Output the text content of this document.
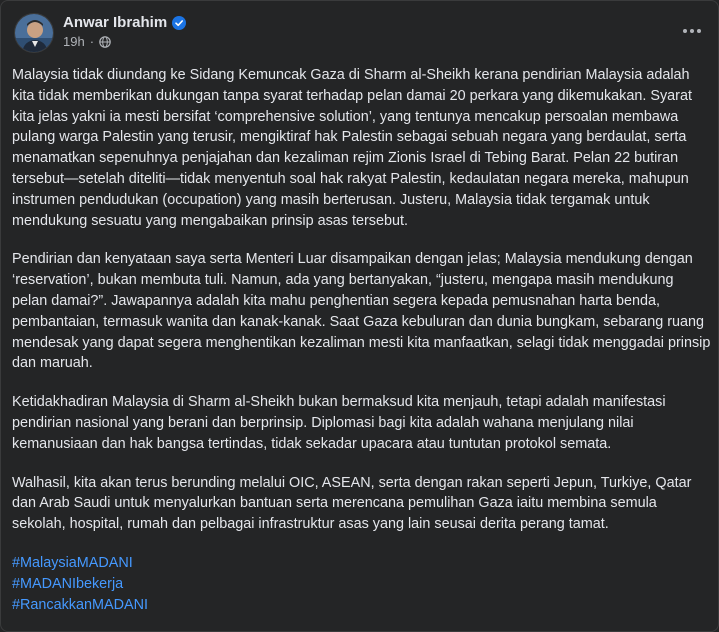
Anwar Ibrahim
19h ·

Malaysia tidak diundang ke Sidang Kemuncak Gaza di Sharm al-Sheikh kerana pendirian Malaysia adalah kita tidak memberikan dukungan tanpa syarat terhadap pelan damai 20 perkara yang dikemukakan. Syarat kita jelas yakni ia mesti bersifat ‘comprehensive solution’, yang tentunya mencakup persoalan membawa pulang warga Palestin yang terusir, mengiktiraf hak Palestin sebagai sebuah negara yang berdaulat, serta menamatkan sepenuhnya penjajahan dan kezaliman rejim Zionis Israel di Tebing Barat. Pelan 22 butiran tersebut—setelah diteliti—tidak menyentuh soal hak rakyat Palestin, kedaulatan negara mereka, mahupun instrumen pendudukan (occupation) yang masih berterusan. Justeru, Malaysia tidak tergamak untuk mendukung sesuatu yang mengabaikan prinsip asas tersebut.

Pendirian dan kenyataan saya serta Menteri Luar disampaikan dengan jelas; Malaysia mendukung dengan ‘reservation’, bukan membuta tuli. Namun, ada yang bertanyakan, “justeru, mengapa masih mendukung pelan damai?”. Jawapannya adalah kita mahu penghentian segera kepada pemusnahan harta benda, pembantaian, termasuk wanita dan kanak-kanak. Saat Gaza kebuluran dan dunia bungkam, sebarang ruang mendesak yang dapat segera menghentikan kezaliman mesti kita manfaatkan, selagi tidak menggadai prinsip dan maruah.

Ketidakhadiran Malaysia di Sharm al-Sheikh bukan bermaksud kita menjauh, tetapi adalah manifestasi pendirian nasional yang berani dan berprinsip. Diplomasi bagi kita adalah wahana menjulang nilai kemanusiaan dan hak bangsa tertindas, tidak sekadar upacara atau tuntutan protokol semata.

Walhasil, kita akan terus berunding melalui OIC, ASEAN, serta dengan rakan seperti Jepun, Turkiye, Qatar dan Arab Saudi untuk menyalurkan bantuan serta merencana pemulihan Gaza iaitu membina semula sekolah, hospital, rumah dan pelbagai infrastruktur asas yang lain seusai derita perang tamat.

#MalaysiaMADANI
#MADANIbekerja
#RancakkanMADANI
